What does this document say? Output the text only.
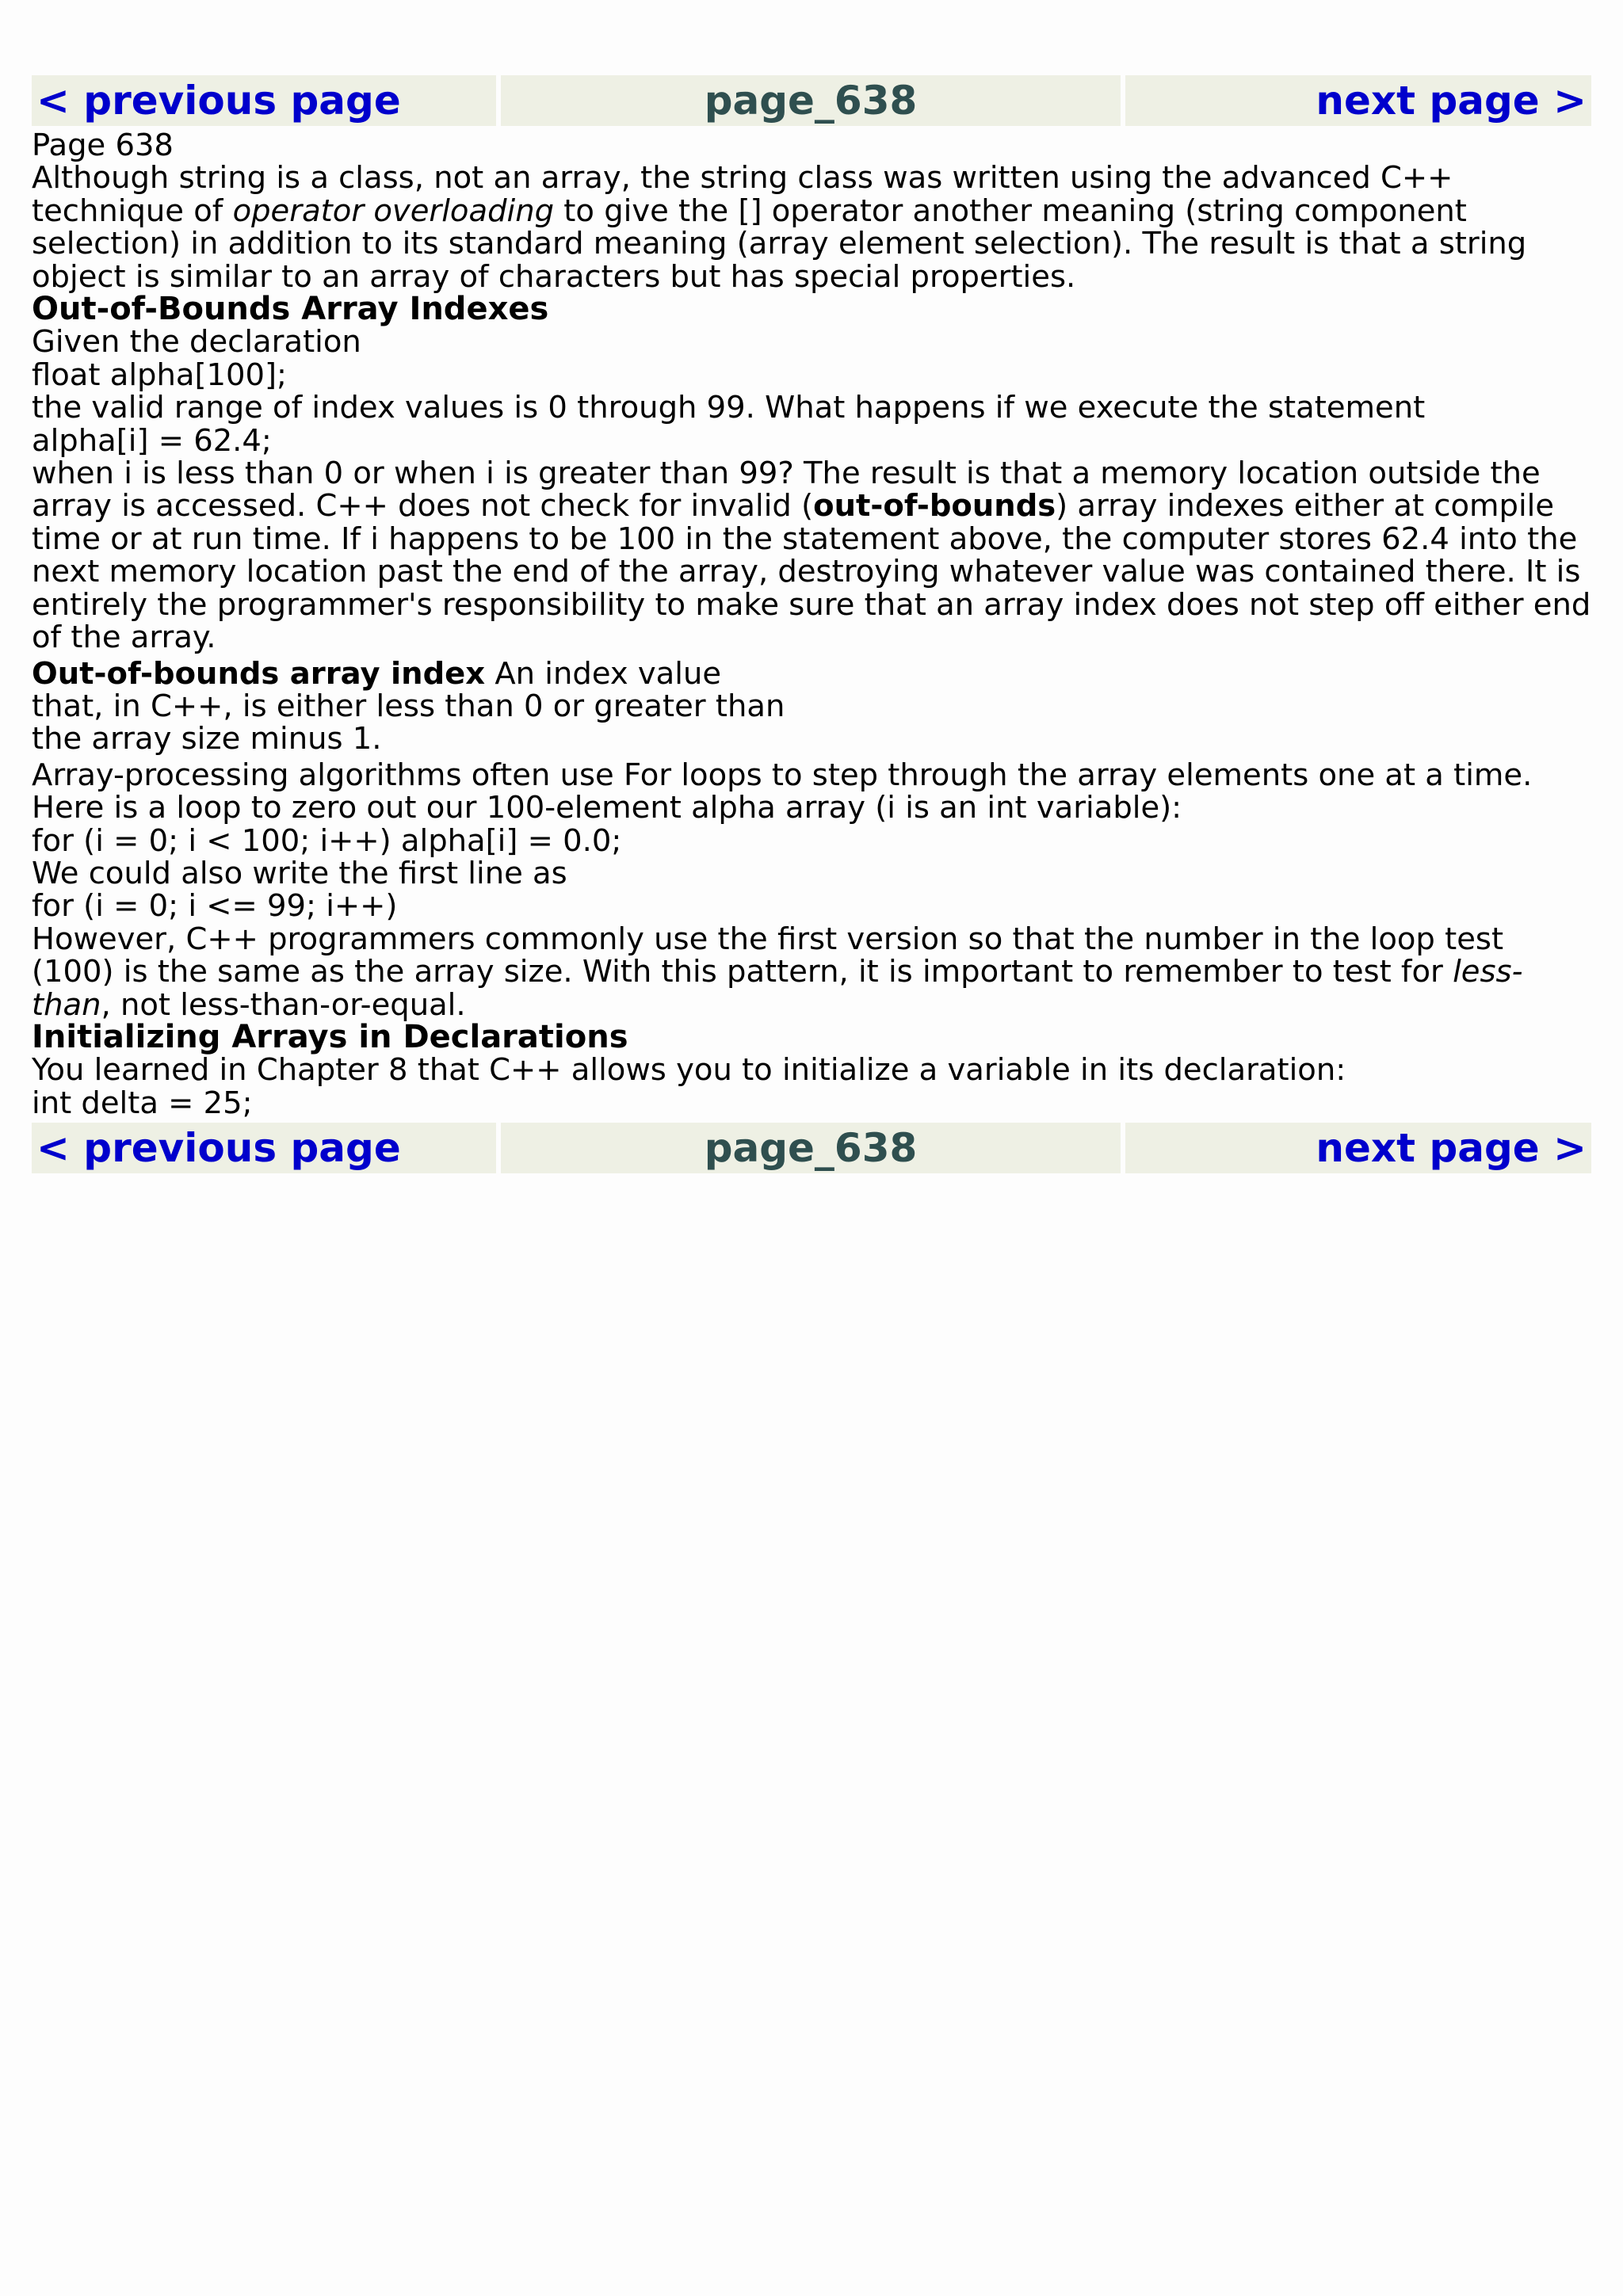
< previous page	page_638	next page >
Page 638

Although string is a class, not an array, the string class was written using the advanced C++ technique of operator overloading to give the [] operator another meaning (string component selection) in addition to its standard meaning (array element selection). The result is that a string object is similar to an array of characters but has special properties.

Out-of-Bounds Array Indexes
Given the declaration
float alpha[100];
the valid range of index values is 0 through 99. What happens if we execute the statement
alpha[i] = 62.4;

when i is less than 0 or when i is greater than 99? The result is that a memory location outside the array is accessed. C++ does not check for invalid (out-of-bounds) array indexes either at compile time or at run time. If i happens to be 100 in the statement above, the computer stores 62.4 into the next memory location past the end of the array, destroying whatever value was contained there. It is entirely the programmer's responsibility to make sure that an array index does not step off either end of the array.

Out-of-bounds array index An index value that, in C++, is either less than 0 or greater than the array size minus 1.

Array-processing algorithms often use For loops to step through the array elements one at a time. Here is a loop to zero out our 100-element alpha array (i is an int variable):

for (i = 0; i < 100; i++) alpha[i] = 0.0;
We could also write the first line as
for (i = 0; i <= 99; i++)

However, C++ programmers commonly use the first version so that the number in the loop test (100) is the same as the array size. With this pattern, it is important to remember to test for less-than, not less-than-or-equal.

Initializing Arrays in Declarations
You learned in Chapter 8 that C++ allows you to initialize a variable in its declaration:
int delta = 25;
< previous page	page_638	next page >
